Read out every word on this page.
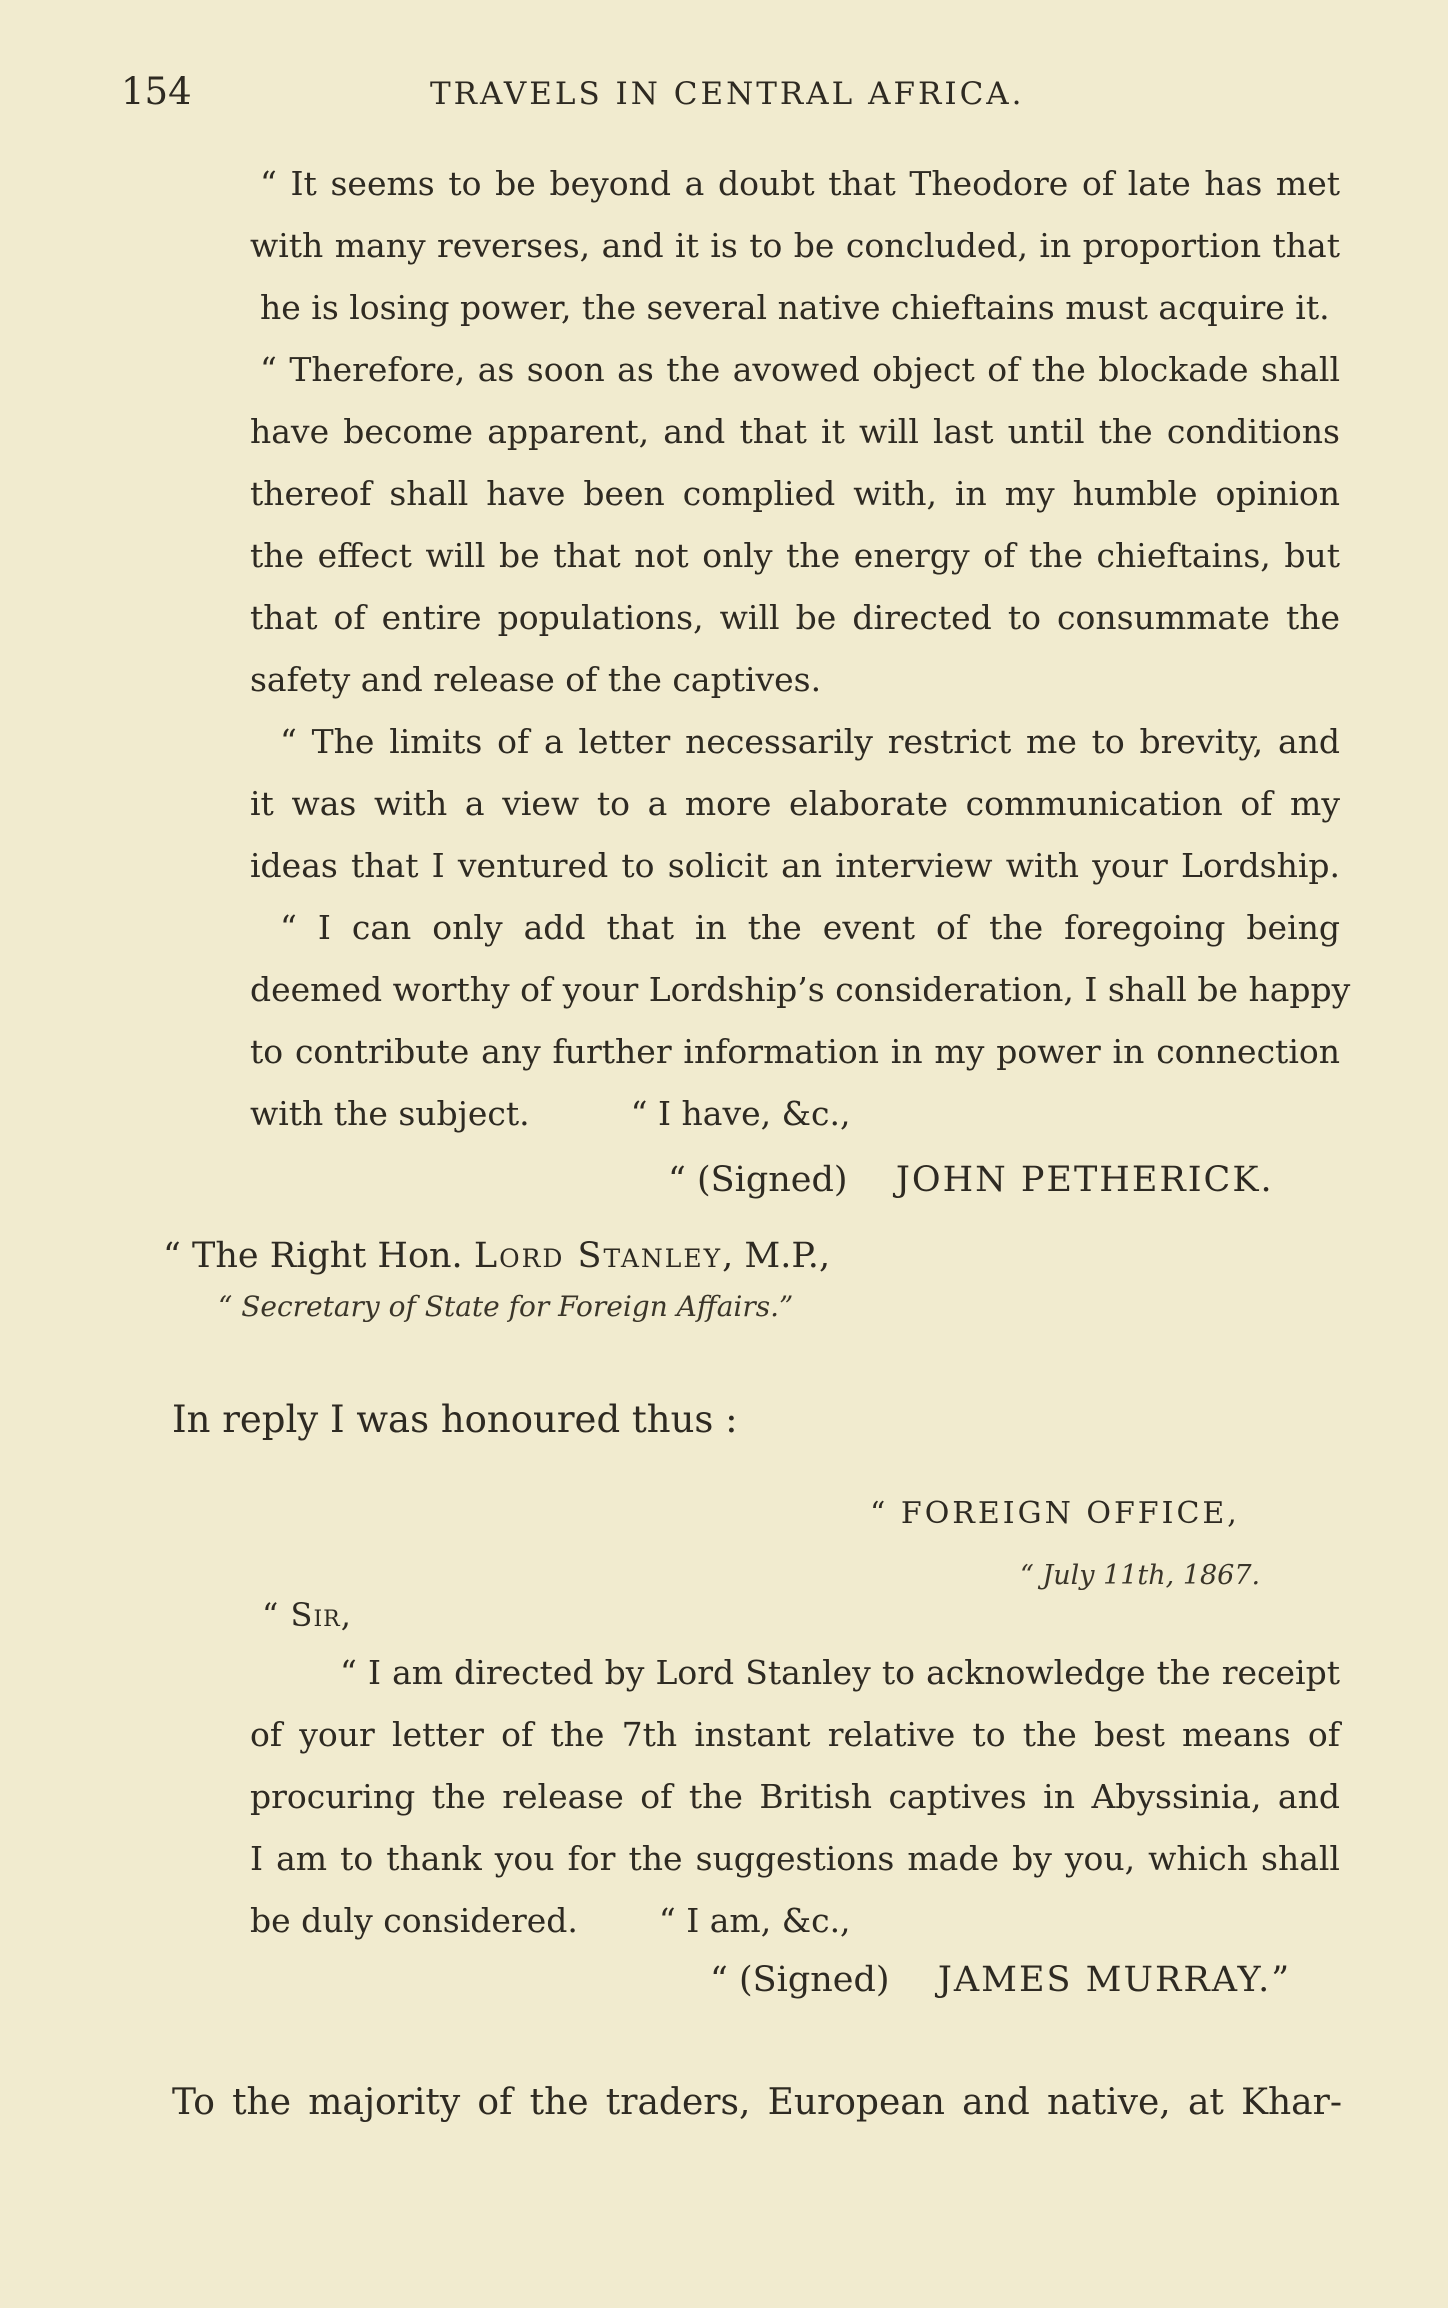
154	TRAVELS IN CENTRAL AFRICA.
“ It seems to be beyond a doubt that Theodore of late has met
with many reverses, and it is to be concluded, in proportion that
he is losing power, the several native chieftains must acquire it.
“ Therefore, as soon as the avowed object of the blockade shall
have become apparent, and that it will last until the conditions
thereof shall have been complied with, in my humble opinion
the effect will be that not only the energy of the chieftains, but
that of entire populations, will be directed to consummate the
safety and release of the captives.
“ The limits of a letter necessarily restrict me to brevity, and
it was with a view to a more elaborate communication of my
ideas that I ventured to solicit an interview with your Lordship.
“ I can only add that in the event of the foregoing being
deemed worthy of your Lordship’s consideration, I shall be happy
to contribute any further information in my power in connection
with the subject.	“ I have, &c.,
“ (Signed) JOHN PETHERICK.
“ The Right Hon. Lord Stanley, M.P.,
“ Secretary of State for Foreign Affairs.”
In reply I was honoured thus :
“ FOREIGN OFFICE,
“ July 11th, 1867.
“ Sir,
“ I am directed by Lord Stanley to acknowledge the receipt
of your letter of the 7th instant relative to the best means of
procuring the release of the British captives in Abyssinia, and
I am to thank you for the suggestions made by you, which shall
be duly considered. “ I am, &c.,
“ (Signed) JAMES MURRAY.”
To the majority of the traders, European and native, at Khar-
